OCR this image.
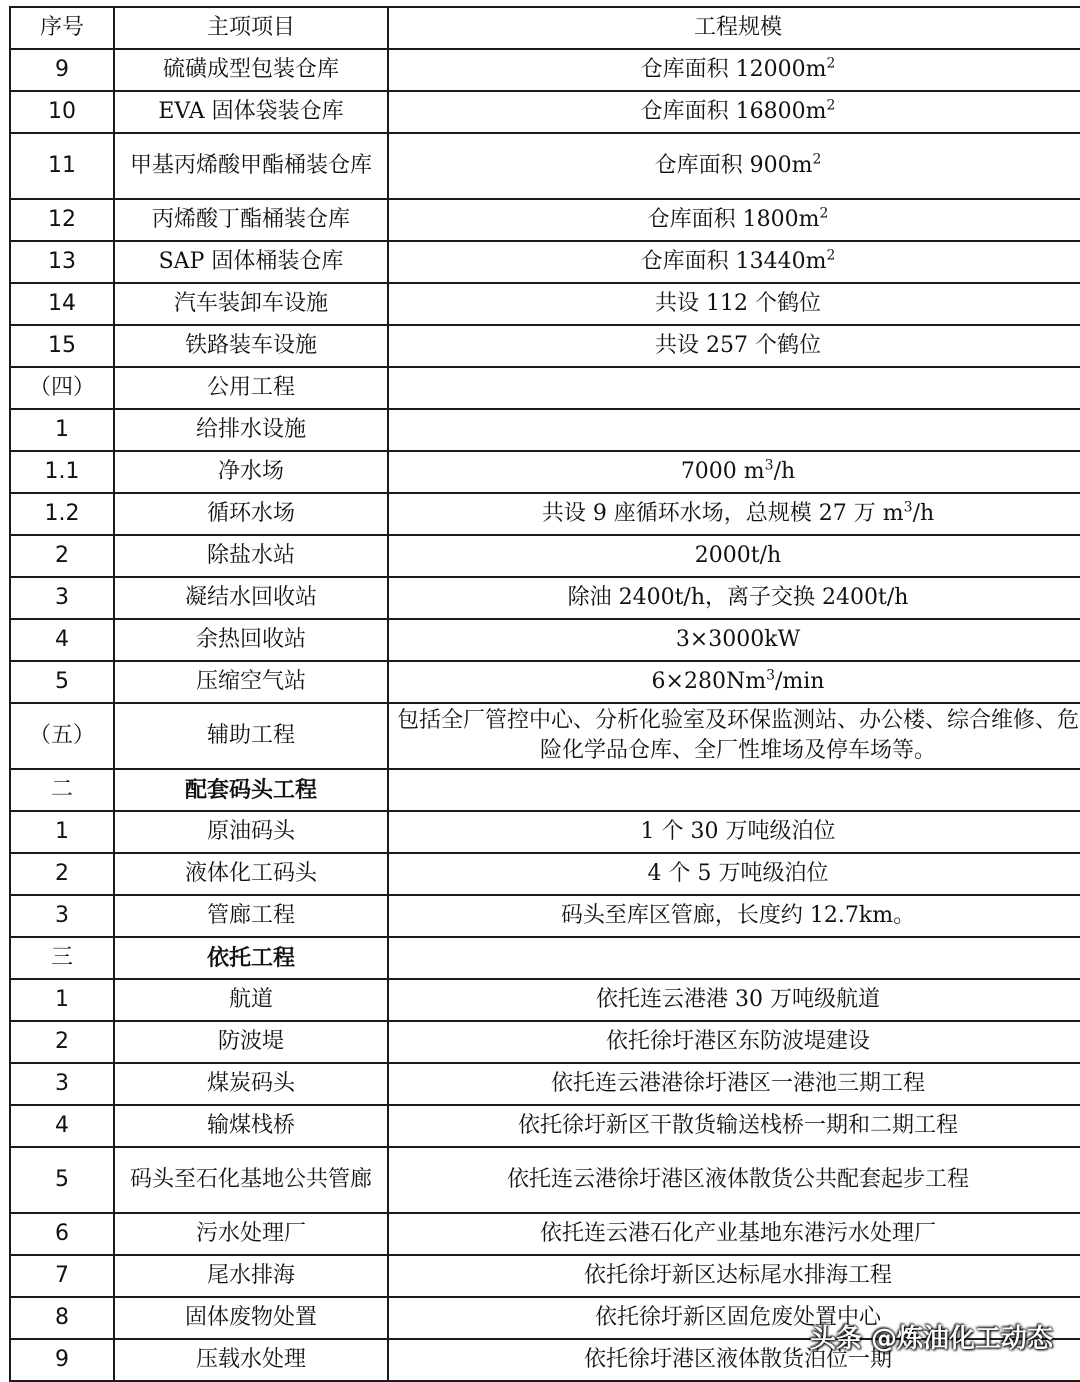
序号	主项项目	工程规模
9	硫磺成型包装仓库	仓库面积 $12000m^2$
10	EVA 固体袋装仓库	仓库面积 $16800m^2$
11	甲基丙烯酸甲酯桶装仓库	仓库面积 $900m^2$
12	丙烯酸丁酯桶装仓库	仓库面积 $1800m^2$
13	SAP 固体桶装仓库	仓库面积 $13440m^2$
14	汽车装卸车设施	共设 112 个鹤位
15	铁路装车设施	共设 257 个鹤位
（四）	公用工程	
1	给排水设施	
1.1	净水场	7000 $m^3/h$
1.2	循环水场	共设 9 座循环水场，总规模 27 万 $m^3/h$
2	除盐水站	2000t/h
3	凝结水回收站	除油 2400t/h，离子交换 2400t/h
4	余热回收站	3×3000kW
5	压缩空气站	$6\times 280Nm^3/\min$
（五）	辅助工程	包括全厂管控中心、分析化验室及环保监测站、办公楼、综合维修、危险化学品仓库、全厂性堆场及停车场等。
二	配套码头工程	
1	原油码头	1 个 30 万吨级泊位
2	液体化工码头	4 个 5 万吨级泊位
3	管廊工程	码头至库区管廊，长度约 12.7km。
三	依托工程	
1	航道	依托连云港港 30 万吨级航道
2	防波堤	依托徐圩港区东防波堤建设
3	煤炭码头	依托连云港港徐圩港区一港池三期工程
4	输煤栈桥	依托徐圩新区干散货输送栈桥一期和二期工程
5	码头至石化基地公共管廊	依托连云港徐圩港区液体散货公共配套起步工程
6	污水处理厂	依托连云港石化产业基地东港污水处理厂
7	尾水排海	依托徐圩新区达标尾水排海工程
8	固体废物处置	依托徐圩新区固危废处置中心
9	压载水处理	依托徐圩港区液体散货泊位一期
头条 @炼油化工动态
